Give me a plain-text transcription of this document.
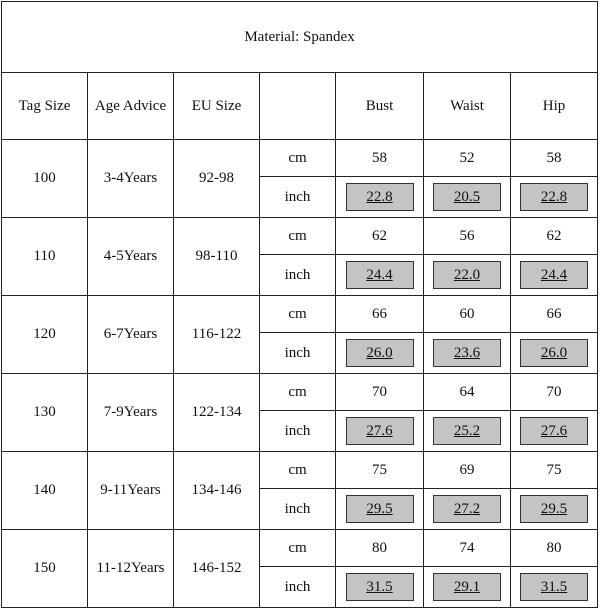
Material: Spandex						
Tag Size	Age Advice	EU Size		Bust	Waist	Hip
100	3-4Years	92-98	cm	58	52	58
			inch	22.8	20.5	22.8

110	4-5Years	98-110	cm	62	56	62
			inch	24.4	22.0	24.4

120	6-7Years	116-122	cm	66	60	66
			inch	26.0	23.6	26.0

130	7-9Years	122-134	cm	70	64	70
			inch	27.6	25.2	27.6

140	9-11Years	134-146	cm	75	69	75
			inch	29.5	27.2	29.5

150	11-12Years	146-152	cm	80	74	80
			inch	31.5	29.1	31.5
